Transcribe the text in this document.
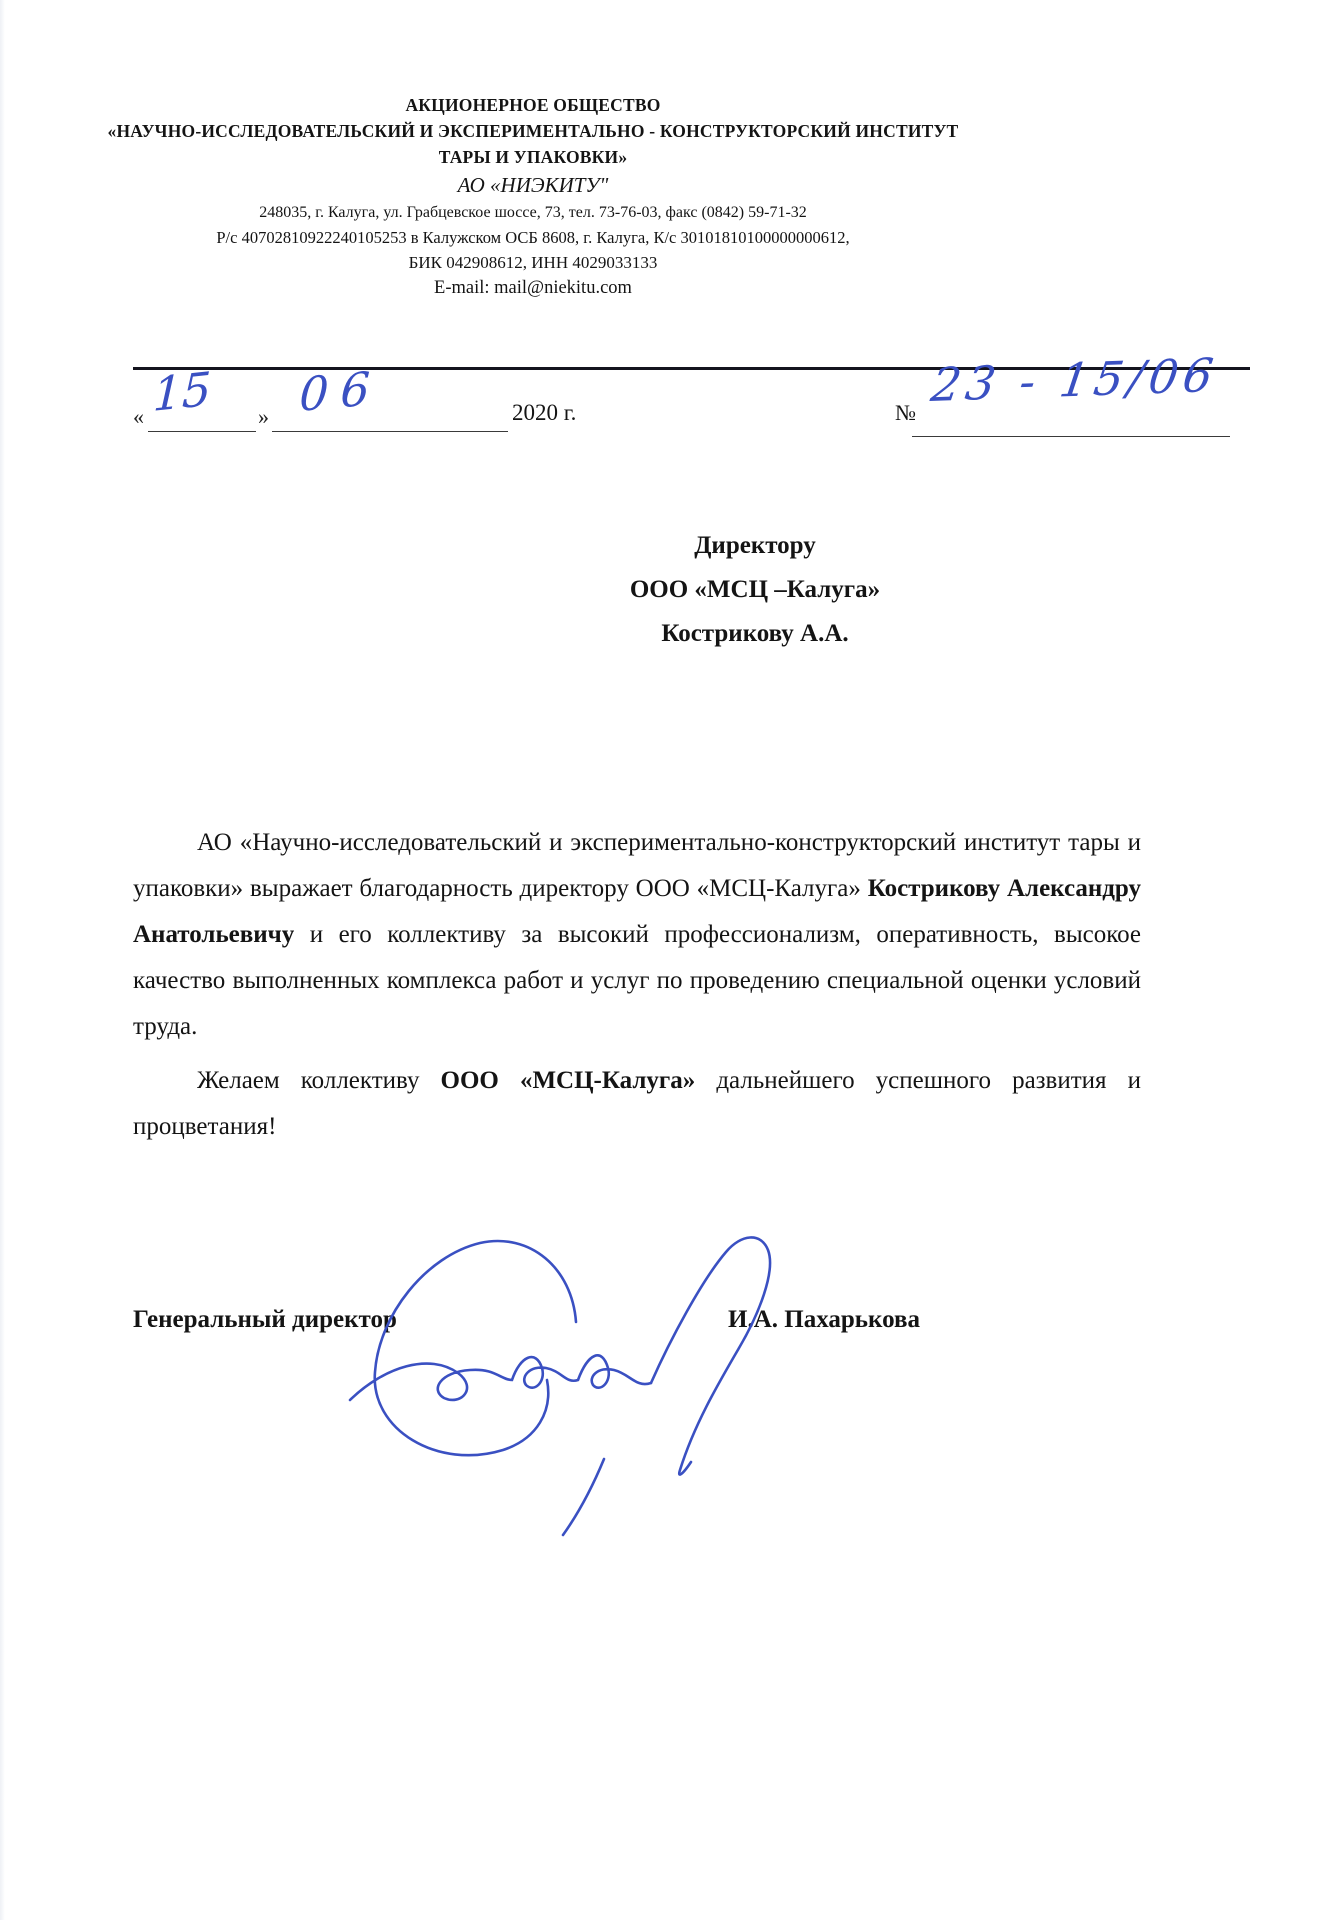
АКЦИОНЕРНОЕ ОБЩЕСТВО
«НАУЧНО-ИССЛЕДОВАТЕЛЬСКИЙ И ЭКСПЕРИМЕНТАЛЬНО - КОНСТРУКТОРСКИЙ ИНСТИТУТ
ТАРЫ И УПАКОВКИ»
АО «НИЭКИТУ"
248035, г. Калуга, ул. Грабцевское шоссе, 73, тел. 73-76-03, факс (0842) 59-71-32
Р/с 40702810922240105253 в Калужском ОСБ 8608, г. Калуга, К/с 30101810100000000612,
БИК 042908612, ИНН 4029033133
E-mail: mail@niekitu.com
« 15 » 06	2020 г.	№
23 - 15/06
Директору
ООО «МСЦ –Калуга»
Кострикову А.А.

АО «Научно-исследовательский и экспериментально-конструкторский институт тары и упаковки» выражает благодарность директору ООО «МСЦ-Калуга» Кострикову Александру Анатольевичу и его коллективу за высокий профессионализм, оперативность, высокое качество выполненных комплекса работ и услуг по проведению специальной оценки условий труда.

Желаем коллективу ООО «МСЦ-Калуга» дальнейшего успешного развития и процветания!

Генеральный директор	И.А. Пахарькова
